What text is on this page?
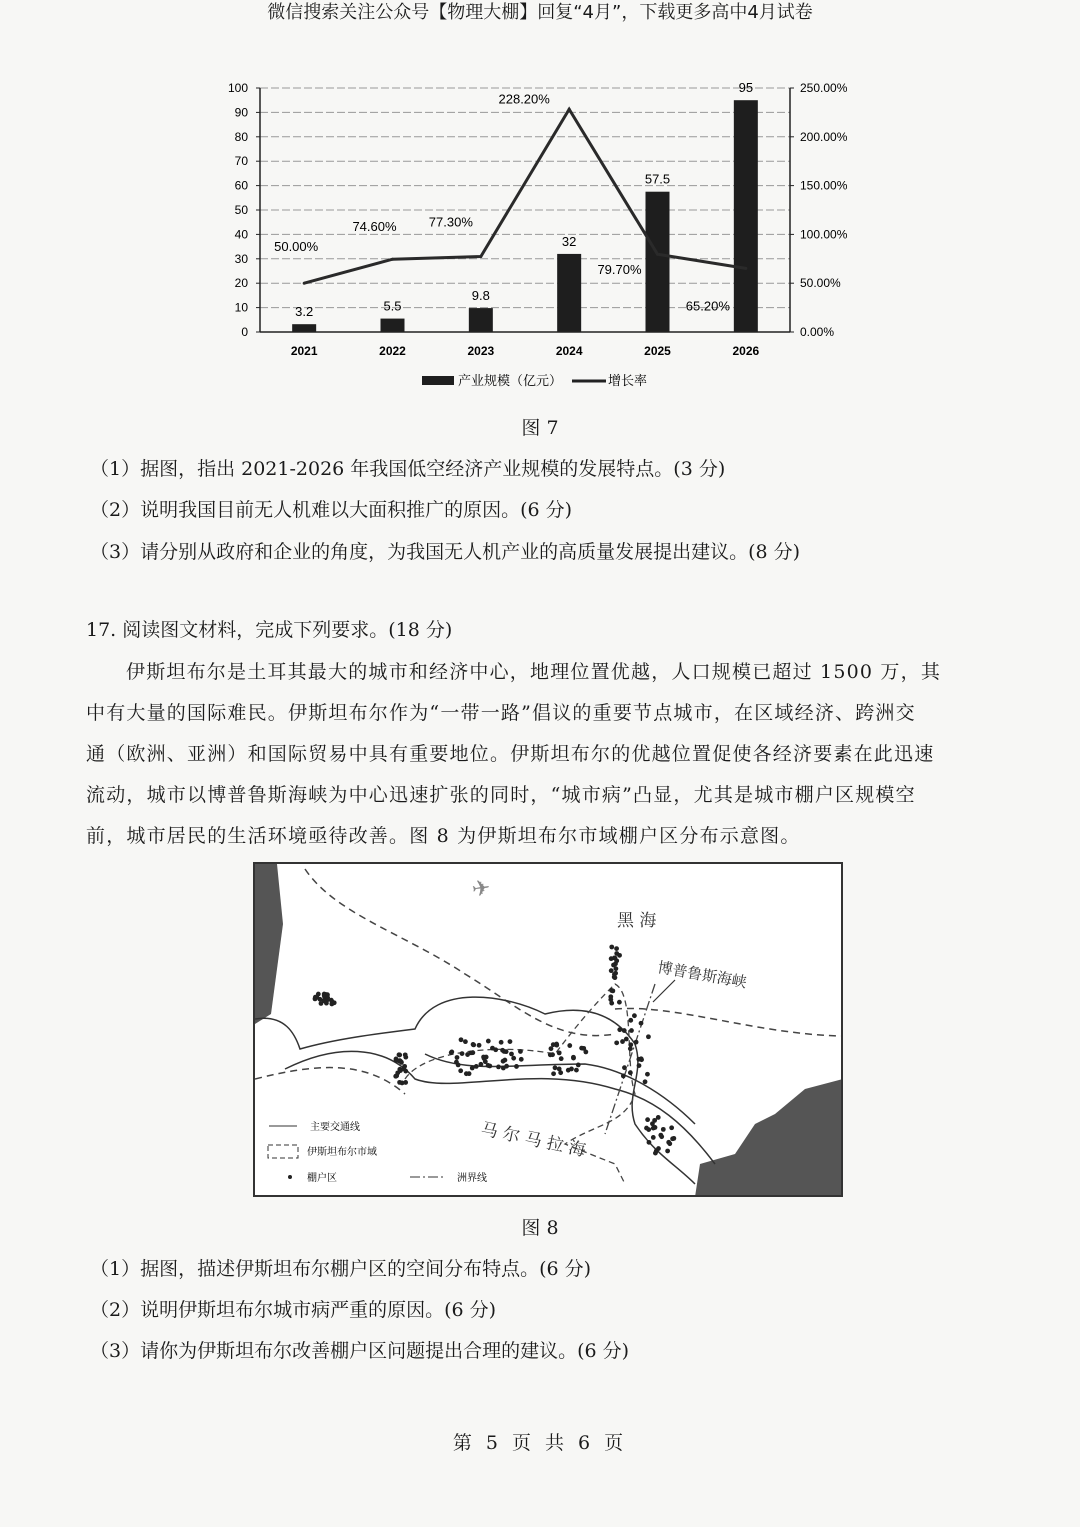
微信搜索关注公众号【物理大棚】回复“4月”，下载更多高中4月试卷
0
10
20
30
40
50
60
70
80
90
100
0.00%
50.00%
100.00%
150.00%
200.00%
250.00%
2021	2022	2023	2024	2025	2026
3.2	5.5
9.8
32
57.5
95
50.00%
74.60% 77.30%
228.20%
79.70%
65.20%
产业规模（亿元）	增长率
图 7
（1）据图，指出 2021-2026 年我国低空经济产业规模的发展特点。(3 分)
（2）说明我国目前无人机难以大面积推广的原因。(6 分)
（3）请分别从政府和企业的角度，为我国无人机产业的高质量发展提出建议。(8 分)
17. 阅读图文材料，完成下列要求。(18 分)
伊斯坦布尔是土耳其最大的城市和经济中心，地理位置优越，人口规模已超过 1500 万，其
中有大量的国际难民。伊斯坦布尔作为“一带一路”倡议的重要节点城市，在区域经济、跨洲交
通（欧洲、亚洲）和国际贸易中具有重要地位。伊斯坦布尔的优越位置促使各经济要素在此迅速
流动，城市以博普鲁斯海峡为中心迅速扩张的同时，“城市病”凸显，尤其是城市棚户区规模空
前，城市居民的生活环境亟待改善。图 8 为伊斯坦布尔市域棚户区分布示意图。
✈
黑 海
博普鲁斯海峡
马 尔 马 拉 海
主要交通线
伊斯坦布尔市域
棚户区	洲界线
图 8
（1）据图，描述伊斯坦布尔棚户区的空间分布特点。(6 分)
（2）说明伊斯坦布尔城市病严重的原因。(6 分)
（3）请你为伊斯坦布尔改善棚户区问题提出合理的建议。(6 分)
第 5 页 共 6 页
